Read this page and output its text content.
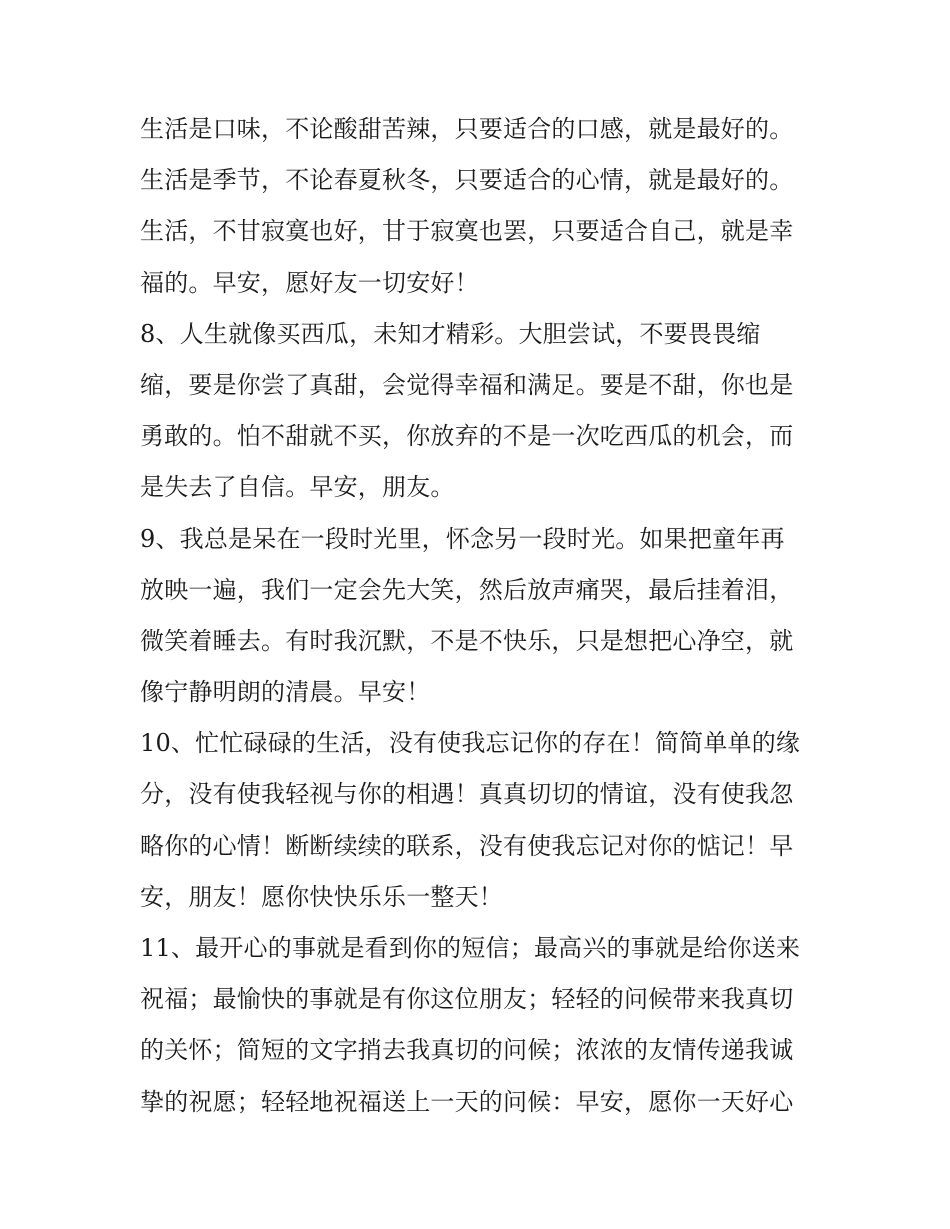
生活是口味，不论酸甜苦辣，只要适合的口感，就是最好的。
生活是季节，不论春夏秋冬，只要适合的心情，就是最好的。
生活，不甘寂寞也好，甘于寂寞也罢，只要适合自己，就是幸
福的。早安，愿好友一切安好！
8、人生就像买西瓜，未知才精彩。大胆尝试，不要畏畏缩
缩，要是你尝了真甜，会觉得幸福和满足。要是不甜，你也是
勇敢的。怕不甜就不买，你放弃的不是一次吃西瓜的机会，而
是失去了自信。早安，朋友。
9、我总是呆在一段时光里，怀念另一段时光。如果把童年再
放映一遍，我们一定会先大笑，然后放声痛哭，最后挂着泪，
微笑着睡去。有时我沉默，不是不快乐，只是想把心净空，就
像宁静明朗的清晨。早安！
10、忙忙碌碌的生活，没有使我忘记你的存在！简简单单的缘
分，没有使我轻视与你的相遇！真真切切的情谊，没有使我忽
略你的心情！断断续续的联系，没有使我忘记对你的惦记！早
安，朋友！愿你快快乐乐一整天！
11、最开心的事就是看到你的短信；最高兴的事就是给你送来
祝福；最愉快的事就是有你这位朋友；轻轻的问候带来我真切
的关怀；简短的文字捎去我真切的问候；浓浓的友情传递我诚
挚的祝愿；轻轻地祝福送上一天的问候：早安，愿你一天好心
